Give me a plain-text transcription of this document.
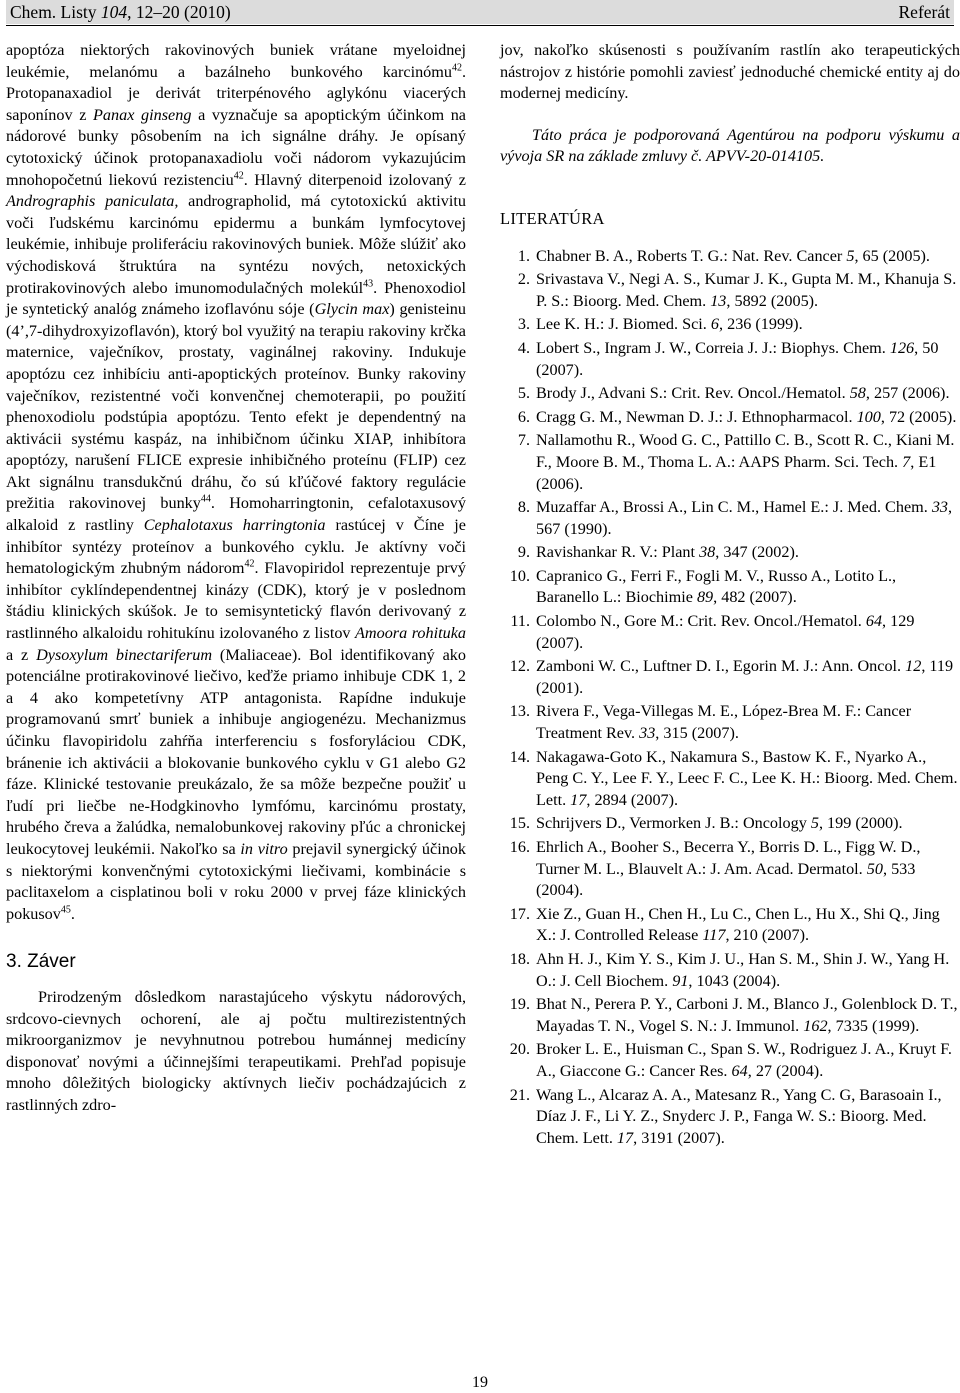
Chem. Listy 104, 12–20 (2010)	Referát

apoptóza niektorých rakovinových buniek vrátane myeloidnej leukémie, melanómu a bazálneho bunkového karcinómu$^{42}$. Protopanaxadiol je derivát triterpénového aglykónu viacerých saponínov z Panax ginseng a vyznačuje sa apoptickým účinkom na nádorové bunky pôsobením na ich signálne dráhy. Je opísaný cytotoxický účinok protopanaxadiolu voči nádorom vykazujúcim mnohopočetnú liekovú rezistenciu$^{42}$. Hlavný diterpenoid izolovaný z Andrographis paniculata, andrographolid, má cytotoxickú aktivitu voči ľudskému karcinómu epidermu a bunkám lymfocytovej leukémie, inhibuje proliferáciu rakovinových buniek. Môže slúžiť ako východisková štruktúra na syntézu nových, netoxických protirakovinových alebo imunomodulačných molekúl$^{43}$. Phenoxodiol je syntetický analóg známeho izoflavónu sóje (Glycin max) genisteinu (4’,7-dihydroxyizoflavón), ktorý bol využitý na terapiu rakoviny krčka maternice, vaječníkov, prostaty, vaginálnej rakoviny. Indukuje apoptózu cez inhibíciu anti-apoptických proteínov. Bunky rakoviny vaječníkov, rezistentné voči konvenčnej chemoterapii, po použití phenoxodiolu podstúpia apoptózu. Tento efekt je dependentný na aktivácii systému kaspáz, na inhibičnom účinku XIAP, inhibítora apoptózy, narušení FLICE expresie inhibičného proteínu (FLIP) cez Akt signálnu transdukčnú dráhu, čo sú kľúčové faktory regulácie prežitia rakovinovej bunky$^{44}$. Homoharringtonin, cefalotaxusový alkaloid z rastliny Cephalotaxus harringtonia rastúcej v Číne je inhibítor syntézy proteínov a bunkového cyklu. Je aktívny voči hematologickým zhubným nádorom$^{42}$. Flavopiridol reprezentuje prvý inhibítor cyklíndependentnej kinázy (CDK), ktorý je v poslednom štádiu klinických skúšok. Je to semisyntetický flavón derivovaný z rastlinného alkaloidu rohitukínu izolovaného z listov Amoora rohituka a z Dysoxylum binectariferum (Maliaceae). Bol identifikovaný ako potenciálne protirakovinové liečivo, keďže priamo inhibuje CDK 1, 2 a 4 ako kompetetívny ATP antagonista. Rapídne indukuje programovanú smrť buniek a inhibuje angiogenézu. Mechanizmus účinku flavopiridolu zahŕňa interferenciu s fosforyláciou CDK, bránenie ich aktivácii a blokovanie bunkového cyklu v G1 alebo G2 fáze. Klinické testovanie preukázalo, že sa môže bezpečne použiť u ľudí pri liečbe ne-Hodgkinovho lymfómu, karcinómu prostaty, hrubého čreva a žalúdka, nemalobunkovej rakoviny pľúc a chronickej leukocytovej leukémii. Nakoľko sa in vitro prejavil synergický účinok s niektorými konvenčnými cytotoxickými liečivami, kombinácie s paclitaxelom a cisplatinou boli v roku 2000 v prvej fáze klinických pokusov$^{45}$.

3. Záver

Prirodzeným dôsledkom narastajúceho výskytu nádorových, srdcovo-cievnych ochorení, ale aj počtu multirezistentných mikroorganizmov je nevyhnutnou potrebou humánnej medicíny disponovať novými a účinnejšími terapeutikami. Prehľad popisuje mnoho dôležitých biologicky aktívnych liečiv pochádzajúcich z rastlinných zdro-

jov, nakoľko skúsenosti s používaním rastlín ako terapeutických nástrojov z histórie pomohli zaviesť jednoduché chemické entity aj do modernej medicíny.

Táto práca je podporovaná Agentúrou na podporu výskumu a vývoja SR na základe zmluvy č. APVV-20-014105.

LITERATÚRA
1. Chabner B. A., Roberts T. G.: Nat. Rev. Cancer 5, 65 (2005).
2. Srivastava V., Negi A. S., Kumar J. K., Gupta M. M., Khanuja S. P. S.: Bioorg. Med. Chem. 13, 5892 (2005).
3. Lee K. H.: J. Biomed. Sci. 6, 236 (1999).
4. Lobert S., Ingram J. W., Correia J. J.: Biophys. Chem. 126, 50 (2007).
5. Brody J., Advani S.: Crit. Rev. Oncol./Hematol. 58, 257 (2006).
6. Cragg G. M., Newman D. J.: J. Ethnopharmacol. 100, 72 (2005).
7. Nallamothu R., Wood G. C., Pattillo C. B., Scott R. C., Kiani M. F., Moore B. M., Thoma L. A.: AAPS Pharm. Sci. Tech. 7, E1 (2006).
8. Muzaffar A., Brossi A., Lin C. M., Hamel E.: J. Med. Chem. 33, 567 (1990).
9. Ravishankar R. V.: Plant 38, 347 (2002).
10. Capranico G., Ferri F., Fogli M. V., Russo A., Lotito L., Baranello L.: Biochimie 89, 482 (2007).
11. Colombo N., Gore M.: Crit. Rev. Oncol./Hematol. 64, 129 (2007).
12. Zamboni W. C., Luftner D. I., Egorin M. J.: Ann. Oncol. 12, 119 (2001).
13. Rivera F., Vega-Villegas M. E., López-Brea M. F.: Cancer Treatment Rev. 33, 315 (2007).
14. Nakagawa-Goto K., Nakamura S., Bastow K. F., Nyarko A., Peng C. Y., Lee F. Y., Leec F. C., Lee K. H.: Bioorg. Med. Chem. Lett. 17, 2894 (2007).
15. Schrijvers D., Vermorken J. B.: Oncology 5, 199 (2000).
16. Ehrlich A., Booher S., Becerra Y., Borris D. L., Figg W. D., Turner M. L., Blauvelt A.: J. Am. Acad. Dermatol. 50, 533 (2004).
17. Xie Z., Guan H., Chen H., Lu C., Chen L., Hu X., Shi Q., Jing X.: J. Controlled Release 117, 210 (2007).
18. Ahn H. J., Kim Y. S., Kim J. U., Han S. M., Shin J. W., Yang H. O.: J. Cell Biochem. 91, 1043 (2004).
19. Bhat N., Perera P. Y., Carboni J. M., Blanco J., Golenblock D. T., Mayadas T. N., Vogel S. N.: J. Immunol. 162, 7335 (1999).
20. Broker L. E., Huisman C., Span S. W., Rodriguez J. A., Kruyt F. A., Giaccone G.: Cancer Res. 64, 27 (2004).
21. Wang L., Alcaraz A. A., Matesanz R., Yang C. G, Barasoain I., Díaz J. F., Li Y. Z., Snyderc J. P., Fanga W. S.: Bioorg. Med. Chem. Lett. 17, 3191 (2007).
19
